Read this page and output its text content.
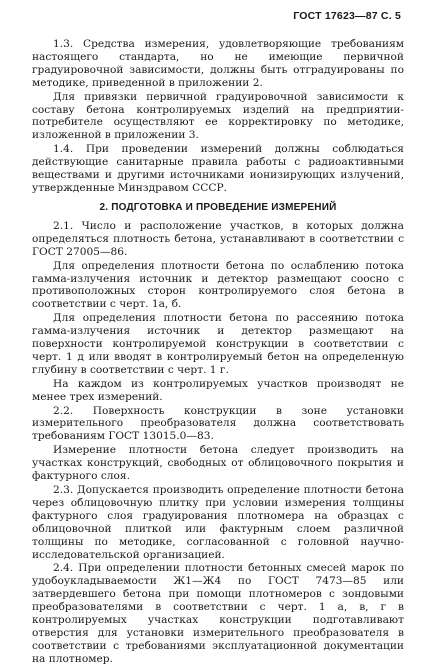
ГОСТ 17623—87 С. 5

1.3. Средства измерения, удовлетворяющие требованиям настоящего стандарта, но не имеющие первичной градуировочной зависимости, должны быть отградуированы по методике, приведенной в приложении 2.

Для привязки первичной градуировочной зависимости к составу бетона контролируемых изделий на предприятии-потребителе осуществляют ее корректировку по методике, изложенной в приложении 3.

1.4. При проведении измерений должны соблюдаться действующие санитарные правила работы с радиоактивными веществами и другими источниками ионизирующих излучений, утвержденные Минздравом СССР.

2. ПОДГОТОВКА И ПРОВЕДЕНИЕ ИЗМЕРЕНИЙ

2.1. Число и расположение участков, в которых должна определяться плотность бетона, устанавливают в соответствии с ГОСТ 27005—86.

Для определения плотности бетона по ослаблению потока гамма-излучения источник и детектор размещают соосно с противоположных сторон контролируемого слоя бетона в соответствии с черт. 1а, б.

Для определения плотности бетона по рассеянию потока гамма-излучения источник и детектор размещают на поверхности контролируемой конструкции в соответствии с черт. 1 д или вводят в контролируемый бетон на определенную глубину в соответствии с черт. 1 г.

На каждом из контролируемых участков производят не менее трех измерений.

2.2. Поверхность конструкции в зоне установки измерительного преобразователя должна соответствовать требованиям ГОСТ 13015.0—83.

Измерение плотности бетона следует производить на участках конструкций, свободных от облицовочного покрытия и фактурного слоя.

2.3. Допускается производить определение плотности бетона через облицовочную плитку при условии измерения толщины фактурного слоя градуирования плотномера на образцах с облицовочной плиткой или фактурным слоем различной толщины по методике, согласованной с головной научно-исследовательской организацией.

2.4. При определении плотности бетонных смесей марок по удобоукладываемости Ж1—Ж4 по ГОСТ 7473—85 или затвердевшего бетона при помощи плотномеров с зондовыми преобразователями в соответствии с черт. 1 а, в, г в контролируемых участках конструкции подготавливают отверстия для установки измерительного преобразователя в соответствии с требованиями эксплуатационной документации на плотномер.
